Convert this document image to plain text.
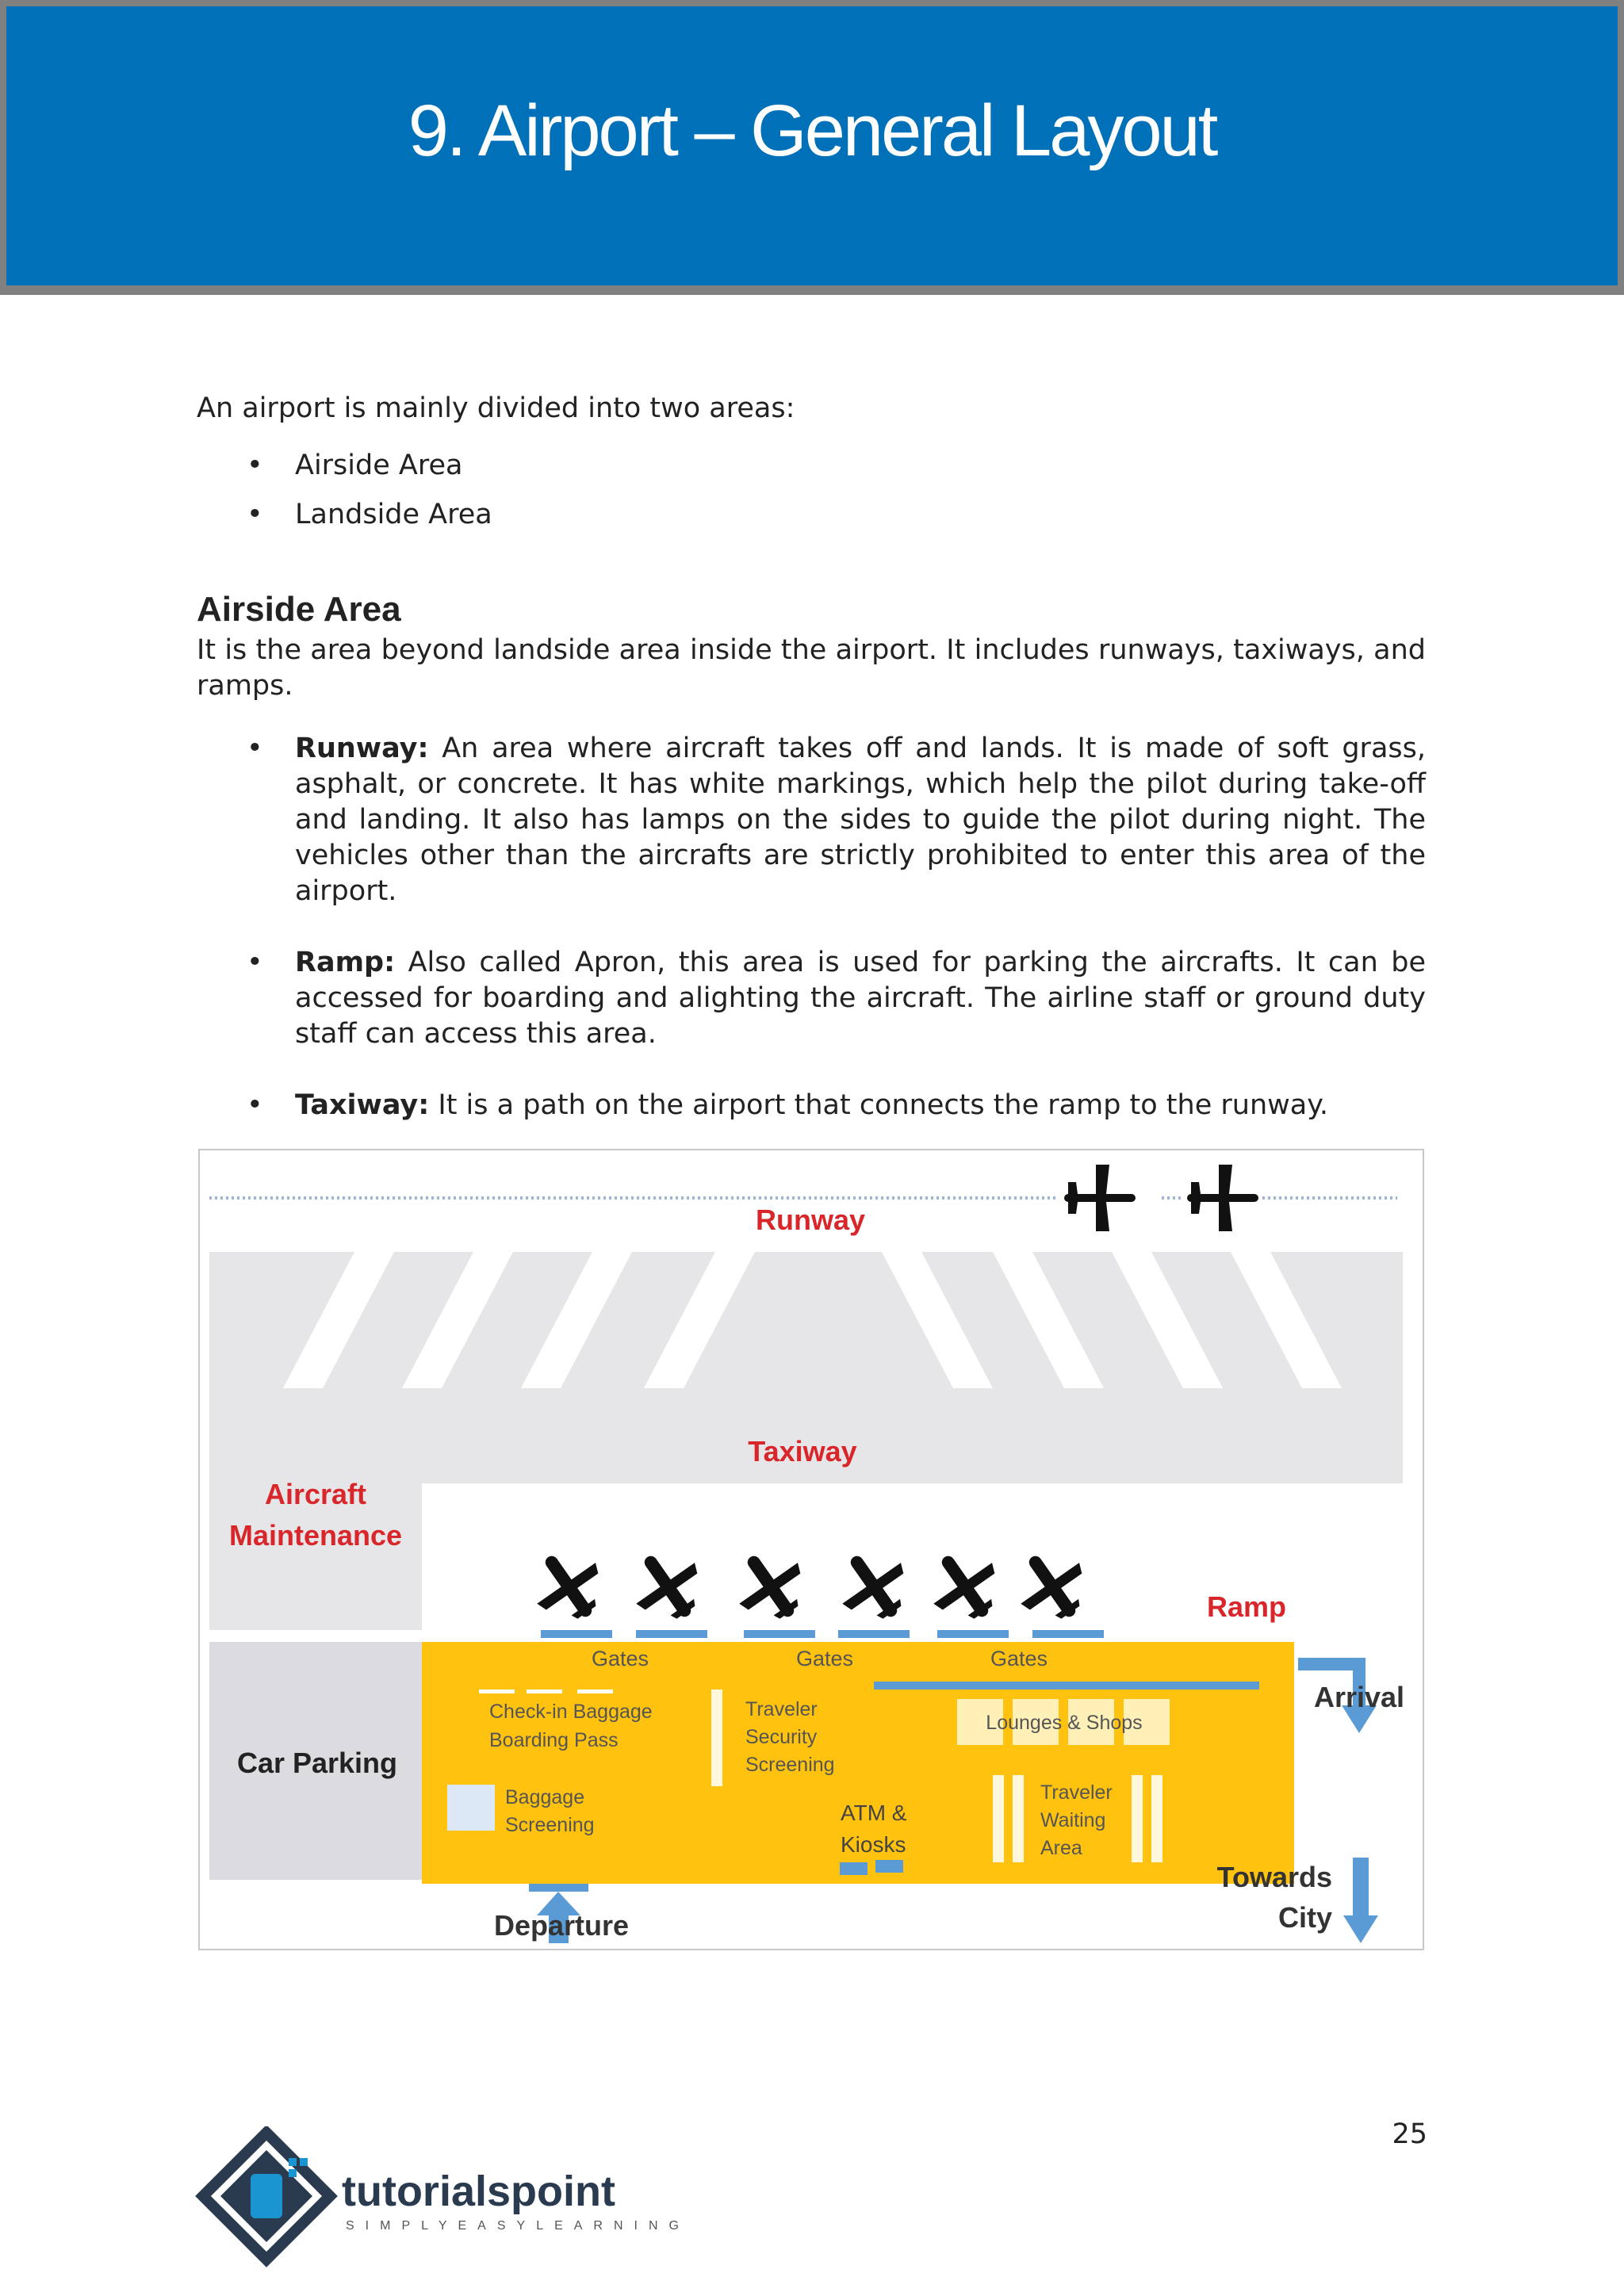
9. Airport – General Layout

An airport is mainly divided into two areas:

• Airside Area
• Landside Area
Airside Area

It is the area beyond landside area inside the airport. It includes runways, taxiways, and ramps.

• Runway: An area where aircraft takes off and lands. It is made of soft grass, asphalt, or concrete. It has white markings, which help the pilot during take-off and landing. It also has lamps on the sides to guide the pilot during night. The vehicles other than the aircrafts are strictly prohibited to enter this area of the airport.
• Ramp: Also called Apron, this area is used for parking the aircrafts. It can be accessed for boarding and alighting the aircraft. The airline staff or ground duty staff can access this area.
• Taxiway: It is a path on the airport that connects the ramp to the runway.
Runway
Taxiway
Aircraft
Maintenance
Car Parking
Ramp
Gates	Gates	Gates
Check-in Baggage
Boarding Pass
Baggage
Screening
Traveler
Security
Screening
Lounges & Shops
Traveler
Waiting
Area
ATM &
Kiosks
Departure
Arrival
Towards
City
25
tutorialspoint
SIMPLYEASYLEARNING
